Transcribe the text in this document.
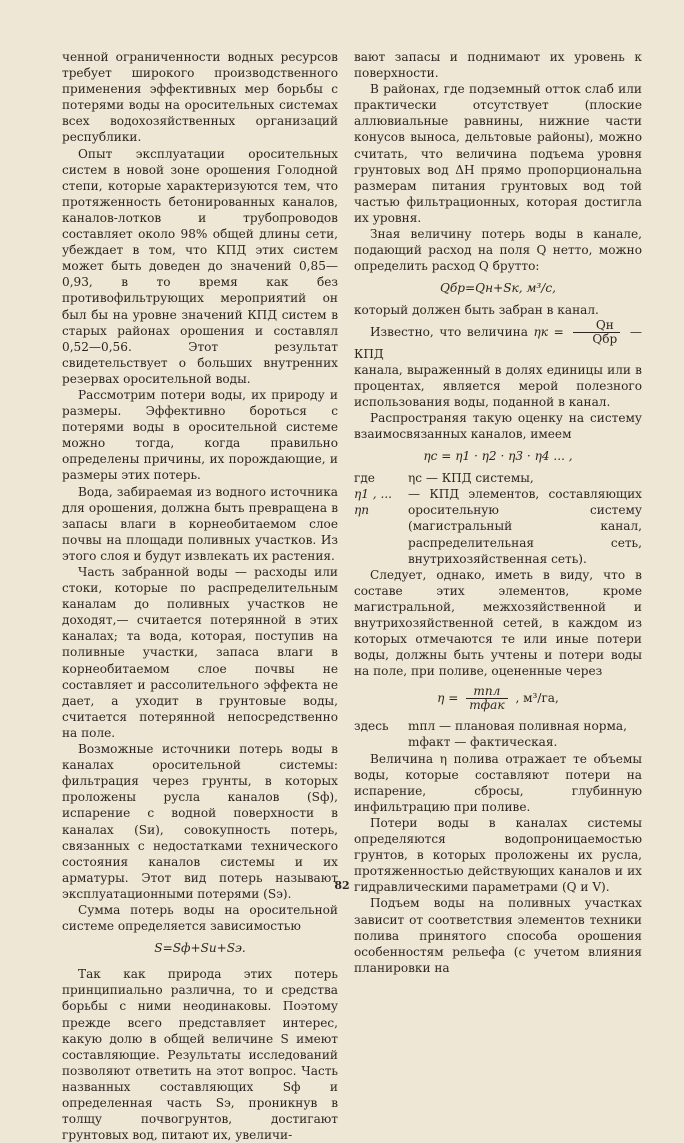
ченной ограниченности водных ресурсов требует широкого производственного применения эффективных мер борьбы с потерями воды на оросительных системах всех водохозяйственных организаций республики.

Опыт эксплуатации оросительных систем в новой зоне орошения Голодной степи, которые характеризуются тем, что протяженность бетонированных каналов, каналов-лотков и трубопроводов составляет около 98% общей длины сети, убеждает в том, что КПД этих систем может быть доведен до значений 0,85—0,93, в то время как без противофильтрующих мероприятий он был бы на уровне значений КПД систем в старых районах орошения и составлял 0,52—0,56. Этот результат свидетельствует о больших внутренних резервах оросительной воды.

Рассмотрим потери воды, их природу и размеры. Эффективно бороться с потерями воды в оросительной системе можно тогда, когда правильно определены причины, их порождающие, и размеры этих потерь.

Вода, забираемая из водного источника для орошения, должна быть превращена в запасы влаги в корнеобитаемом слое почвы на площади поливных участков. Из этого слоя и будут извлекать их растения.

Часть забранной воды — расходы или стоки, которые по распределительным каналам до поливных участков не доходят,— считается потерянной в этих каналах; та вода, которая, поступив на поливные участки, запаса влаги в корнеобитаемом слое почвы не составляет и рассолительного эффекта не дает, а уходит в грунтовые воды, считается потерянной непосредственно на поле.

Возможные источники потерь воды в каналах оросительной системы: фильтрация через грунты, в которых проложены русла каналов (Sф), испарение с водной поверхности в каналах (Sи), совокупность потерь, связанных с недостатками технического состояния каналов системы и их арматуры. Этот вид потерь называют эксплуатационными потерями (Sэ).

Сумма потерь воды на оросительной системе определяется зависимостью

S=Sф+Sи+Sэ.

Так как природа этих потерь принципиально различна, то и средства борьбы с ними неодинаковы. Поэтому прежде всего представляет интерес, какую долю в общей величине S имеют составляющие. Результаты исследований позволяют ответить на этот вопрос. Часть названных составляющих Sф и определенная часть Sэ, проникнув в толщу почвогрунтов, достигают грунтовых вод, питают их, увеличи-

вают запасы и поднимают их уровень к поверхности.

В районах, где подземный отток слаб или практически отсутствует (плоские аллювиальные равнины, нижние части конусов выноса, дельтовые районы), можно считать, что величина подъема уровня грунтовых вод ΔH прямо пропорциональна размерам питания грунтовых вод той частью фильтрационных, которая достигла их уровня.

Зная величину потерь воды в канале, подающий расход на поля Q нетто, можно определить расход Q брутто:

Qбр=Qн+Sк, м³/с,

который должен быть забран в канал.

Известно, что величина $\eta к = \frac{Qн}{\text{Qбр}}$ — КПД

канала, выраженный в долях единицы или в процентах, является мерой полезного использования воды, поданной в канал.

Распространяя такую оценку на систему взаимосвязанных каналов, имеем

ηс = η1 · η2 · η3 · η4 ... ,

где	ηс — КПД системы,
η1 , ... ηn
— КПД элементов, составляющих оросительную систему (магистральный канал, распределительная сеть, внутрихозяйственная сеть).

Следует, однако, иметь в виду, что в составе этих элементов, кроме магистральной, межхозяйственной и внутрихозяйственной сетей, в каждом из которых отмечаются те или иные потери воды, должны быть учтены и потери воды на поле, при поливе, оцененные через

$\eta = \frac{\text{mпл}}{\text{mфак}}$ , м³/га,

здесь	mпл — плановая поливная норма,
mфакт — фактическая.

Величина η полива отражает те объемы воды, которые составляют потери на испарение, сбросы, глубинную инфильтрацию при поливе.

Потери воды в каналах системы определяются водопроницаемостью грунтов, в которых проложены их русла, протяженностью действующих каналов и их гидравлическими параметрами (Q и V).

Подъем воды на поливных участках зависит от соответствия элементов техники полива принятого способа орошения особенностям рельефа (с учетом влияния планировки на

82
